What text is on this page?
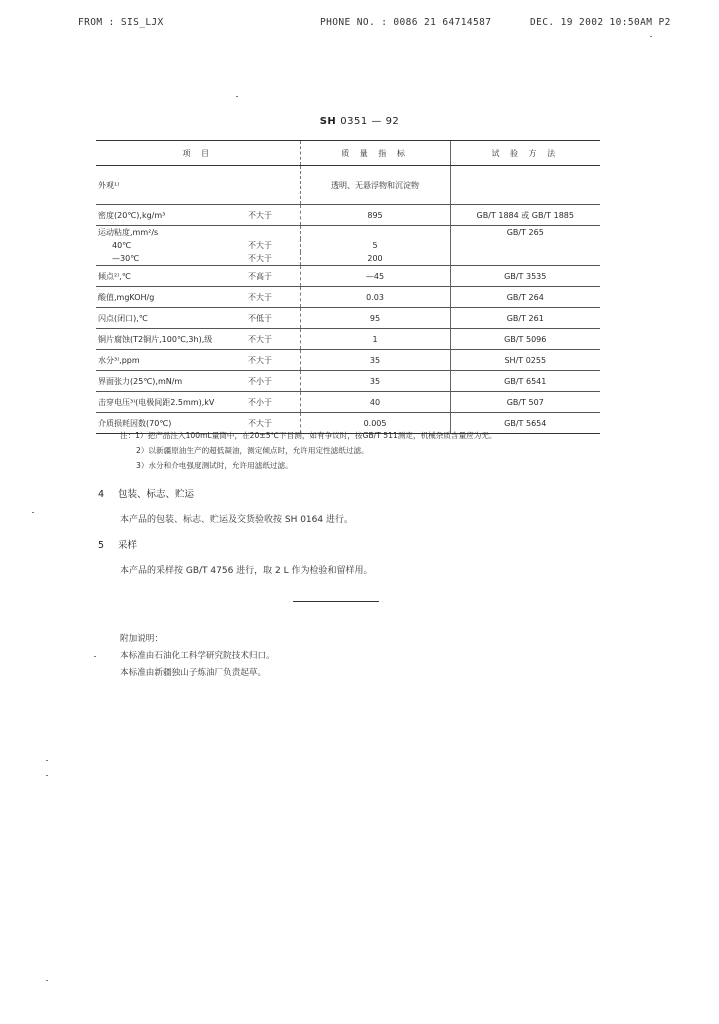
FROM : SIS_LJX	PHONE NO. : 0086 21 64714587	DEC. 19 2002 10:50AM P2
SH 0351 — 92
项 目		质 量 指 标	试 验 方 法
外观¹⁾		透明、无悬浮物和沉淀物	
密度(20℃),kg/m³	不大于	895	GB/T 1884 或 GB/T 1885
运动粘度,mm²/s			GB/T 265
40℃	不大于	5	
—30℃	不大于	200	
倾点²⁾,℃	不高于	—45	GB/T 3535
酸值,mgKOH/g	不大于	0.03	GB/T 264
闪点(闭口),℃	不低于	95	GB/T 261
铜片腐蚀(T2铜片,100℃,3h),级	不大于	1	GB/T 5096
水分³⁾,ppm	不大于	35	SH/T 0255
界面张力(25℃),mN/m	不小于	35	GB/T 6541
击穿电压³⁾(电极间距2.5mm),kV	不小于	40	GB/T 507
介质损耗因数(70℃)	不大于	0.005	GB/T 5654
注：1）把产品注入100mL量筒中，在20±5℃下目测，如有争议时，按GB/T 511测定，机械杂质含量应为无。
2）以新疆原油生产的超低凝油，测定倾点时，允许用定性滤纸过滤。
3）水分和介电强度测试时，允许用滤纸过滤。
4 包装、标志、贮运
本产品的包装、标志、贮运及交货验收按 SH 0164 进行。
5 采样
本产品的采样按 GB/T 4756 进行，取 2 L 作为检验和留样用。
附加说明：
本标准由石油化工科学研究院技术归口。
本标准由新疆独山子炼油厂负责起草。
